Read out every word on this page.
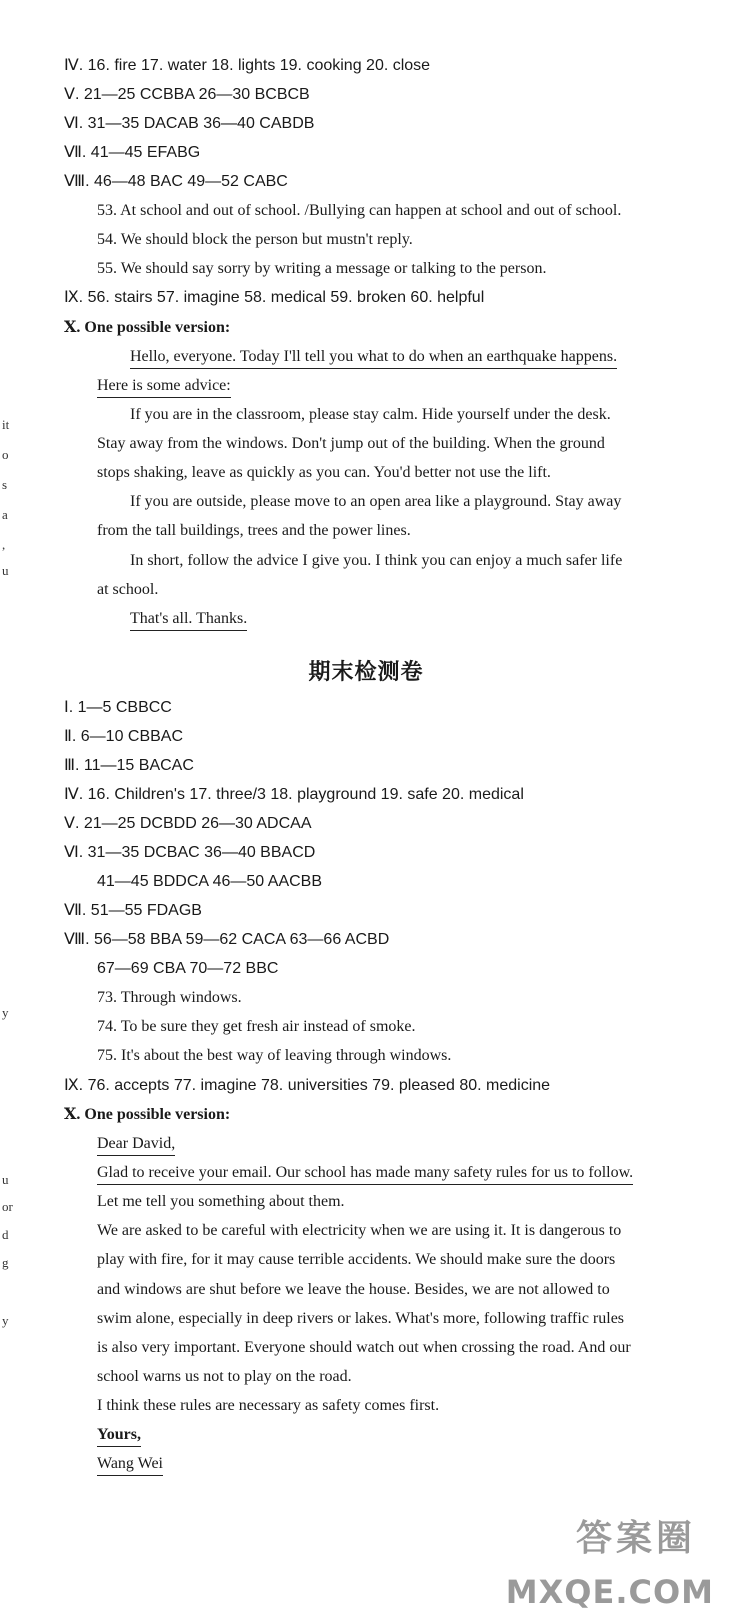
Ⅳ. 16. fire 17. water 18. lights 19. cooking 20. close
Ⅴ. 21—25 CCBBA 26—30 BCBCB
Ⅵ. 31—35 DACAB 36—40 CABDB
Ⅶ. 41—45 EFABG
Ⅷ. 46—48 BAC 49—52 CABC
53. At school and out of school. /Bullying can happen at school and out of school.
54. We should block the person but mustn't reply.
55. We should say sorry by writing a message or talking to the person.
Ⅸ. 56. stairs 57. imagine 58. medical 59. broken 60. helpful
Ⅹ. One possible version:
Hello, everyone. Today I'll tell you what to do when an earthquake happens.
Here is some advice:
If you are in the classroom, please stay calm. Hide yourself under the desk.
Stay away from the windows. Don't jump out of the building. When the ground
stops shaking, leave as quickly as you can. You'd better not use the lift.
If you are outside, please move to an open area like a playground. Stay away
from the tall buildings, trees and the power lines.
In short, follow the advice I give you. I think you can enjoy a much safer life
at school.
That's all. Thanks.
期末检测卷
Ⅰ. 1—5 CBBCC
Ⅱ. 6—10 CBBAC
Ⅲ. 11—15 BACAC
Ⅳ. 16. Children's 17. three/3 18. playground 19. safe 20. medical
Ⅴ. 21—25 DCBDD 26—30 ADCAA
Ⅵ. 31—35 DCBAC 36—40 BBACD
41—45 BDDCA 46—50 AACBB
Ⅶ. 51—55 FDAGB
Ⅷ. 56—58 BBA 59—62 CACA 63—66 ACBD
67—69 CBA 70—72 BBC
73. Through windows.
74. To be sure they get fresh air instead of smoke.
75. It's about the best way of leaving through windows.
Ⅸ. 76. accepts 77. imagine 78. universities 79. pleased 80. medicine
Ⅹ. One possible version:
Dear David,
Glad to receive your email. Our school has made many safety rules for us to follow.
Let me tell you something about them.
We are asked to be careful with electricity when we are using it. It is dangerous to
play with fire, for it may cause terrible accidents. We should make sure the doors
and windows are shut before we leave the house. Besides, we are not allowed to
swim alone, especially in deep rivers or lakes. What's more, following traffic rules
is also very important. Everyone should watch out when crossing the road. And our
school warns us not to play on the road.
I think these rules are necessary as safety comes first.
Yours,
Wang Wei
it
o
s
a
,
u
y
u
or
d
g
y
答案圈
MXQE.COM
